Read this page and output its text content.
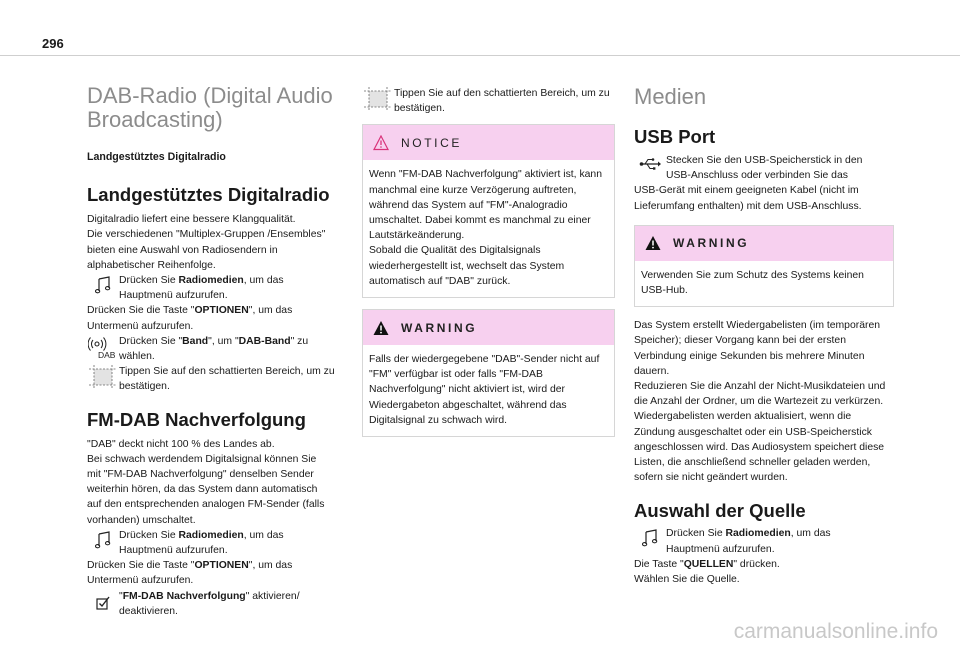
296
DAB-Radio (Digital Audio
Broadcasting)

Landgestütztes Digitalradio

Landgestütztes Digitalradio

Digitalradio liefert eine bessere Klangqualität.

Die verschiedenen "Multiplex-Gruppen /Ensembles"

bieten eine Auswahl von Radiosendern in

alphabetischer Reihenfolge.

Drücken Sie Radiomedien, um das

Hauptmenü aufzurufen.

Drücken Sie die Taste "OPTIONEN", um das

Untermenü aufzurufen.

DAB

Drücken Sie "Band", um "DAB-Band" zu

wählen.

Tippen Sie auf den schattierten Bereich, um zu

bestätigen.

FM-DAB Nachverfolgung

"DAB" deckt nicht 100 % des Landes ab.

Bei schwach werdendem Digitalsignal können Sie

mit "FM-DAB Nachverfolgung" denselben Sender

weiterhin hören, da das System dann automatisch

auf den entsprechenden analogen FM-Sender (falls

vorhanden) umschaltet.

Drücken Sie Radiomedien, um das

Hauptmenü aufzurufen.

Drücken Sie die Taste "OPTIONEN", um das

Untermenü aufzurufen.

"FM-DAB Nachverfolgung" aktivieren/

deaktivieren.

Tippen Sie auf den schattierten Bereich, um zu

bestätigen.

NOTICE

Wenn "FM-DAB Nachverfolgung" aktiviert ist, kann

manchmal eine kurze Verzögerung auftreten,

während das System auf "FM"-Analogradio

umschaltet. Dabei kommt es manchmal zu einer

Lautstärkeänderung.

Sobald die Qualität des Digitalsignals

wiederhergestellt ist, wechselt das System

automatisch auf "DAB" zurück.

WARNING

Falls der wiedergegebene "DAB"-Sender nicht auf

"FM" verfügbar ist oder falls "FM-DAB

Nachverfolgung" nicht aktiviert ist, wird der

Wiedergabeton abgeschaltet, während das

Digitalsignal zu schwach wird.

Medien
USB Port

Stecken Sie den USB-Speicherstick in den

USB-Anschluss oder verbinden Sie das

USB-Gerät mit einem geeigneten Kabel (nicht im

Lieferumfang enthalten) mit dem USB-Anschluss.

WARNING

Verwenden Sie zum Schutz des Systems keinen

USB-Hub.

Das System erstellt Wiedergabelisten (im temporären

Speicher); dieser Vorgang kann bei der ersten

Verbindung einige Sekunden bis mehrere Minuten

dauern.

Reduzieren Sie die Anzahl der Nicht-Musikdateien und

die Anzahl der Ordner, um die Wartezeit zu verkürzen.

Wiedergabelisten werden aktualisiert, wenn die

Zündung ausgeschaltet oder ein USB-Speicherstick

angeschlossen wird. Das Audiosystem speichert diese

Listen, die anschließend schneller geladen werden,

sofern sie nicht geändert wurden.

Auswahl der Quelle

Drücken Sie Radiomedien, um das

Hauptmenü aufzurufen.

Die Taste "QUELLEN" drücken.

Wählen Sie die Quelle.

carmanualsonline.info
